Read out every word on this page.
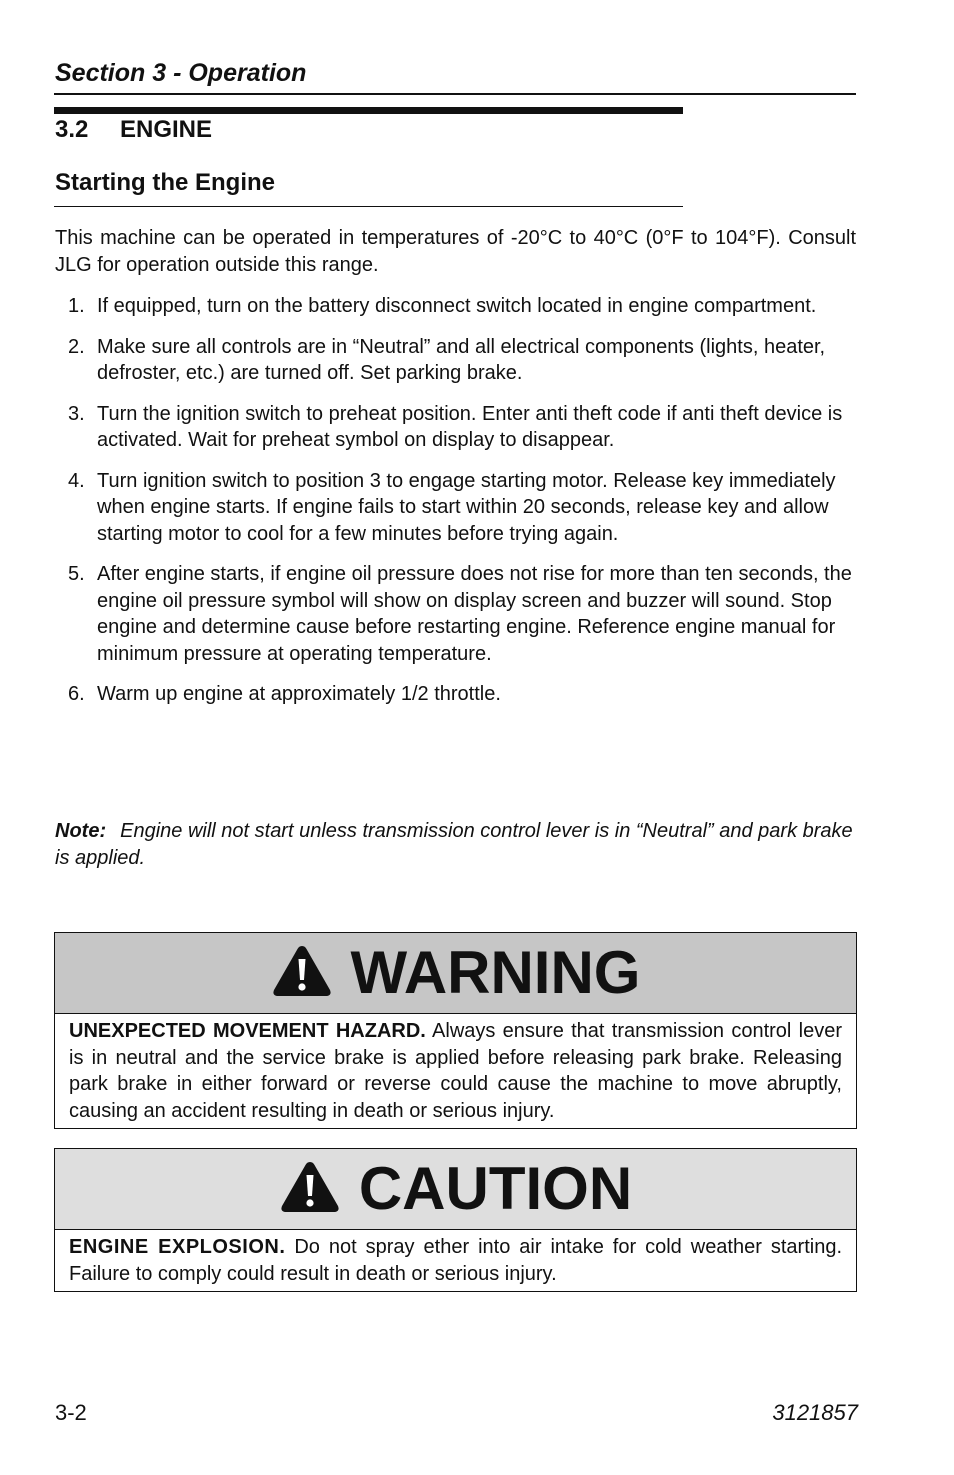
Section 3 - Operation
3.2 ENGINE
Starting the Engine

This machine can be operated in temperatures of -20°C to 40°C (0°F to 104°F). Consult JLG for operation outside this range.

1. If equipped, turn on the battery disconnect switch located in engine compartment.
2. Make sure all controls are in “Neutral” and all electrical components (lights, heater, defroster, etc.) are turned off. Set parking brake.
3. Turn the ignition switch to preheat position. Enter anti theft code if anti theft device is activated. Wait for preheat symbol on display to disappear.
4. Turn ignition switch to position 3 to engage starting motor. Release key immediately when engine starts. If engine fails to start within 20 seconds, release key and allow starting motor to cool for a few minutes before trying again.
5. After engine starts, if engine oil pressure does not rise for more than ten seconds, the engine oil pressure symbol will show on display screen and buzzer will sound. Stop engine and determine cause before restarting engine. Reference engine manual for minimum pressure at operating temperature.
6. Warm up engine at approximately 1/2 throttle.

Note: Engine will not start unless transmission control lever is in “Neutral” and park brake is applied.

WARNING

UNEXPECTED MOVEMENT HAZARD. Always ensure that transmission control lever is in neutral and the service brake is applied before releasing park brake. Releasing park brake in either forward or reverse could cause the machine to move abruptly, causing an accident resulting in death or serious injury.

CAUTION

ENGINE EXPLOSION. Do not spray ether into air intake for cold weather starting. Failure to comply could result in death or serious injury.

3-2	3121857
